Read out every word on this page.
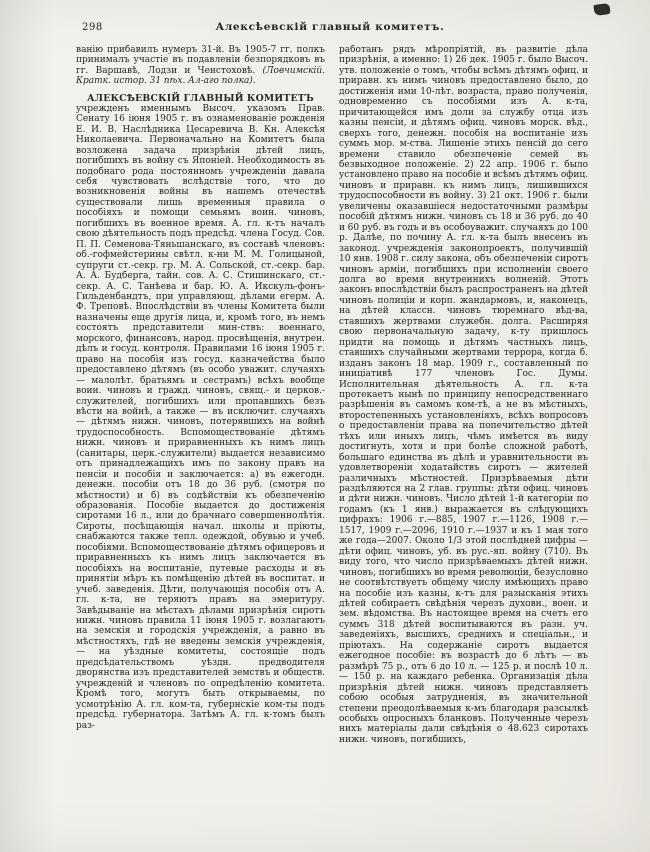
298	Алексѣевскій главный комитетъ.

ванію прибавилъ нумеръ 31-й. Въ 1905-7 гг. полкъ принималъ участіе въ подавленіи безпорядковъ въ гг. Варшавѣ, Лодзи и Ченстоховѣ. (Ловчимскій. Кратк. истор. 31 пѣх. Ал-аго полка).

АЛЕКСѢЕВСКІЙ ГЛАВНЫЙ КОМИТЕТЪ

учрежденъ именнымъ Высоч. указомъ Прав. Сенату 16 іюня 1905 г. въ ознаменованіе рожденія Е. И. В. Наслѣдника Цесаревича В. Кн. Алексѣя Николаевича. Первоначально на Комитетъ была возложена задача призрѣнія дѣтей лицъ, погибшихъ въ войну съ Японіей. Необходимость въ подобнаго рода постоянномъ учрежденіи давала себя чувствовать вслѣдствіе того, что до возникновенія войны въ нашемъ отечествѣ существовали лишь временныя правила о пособіяхъ и помощи семьямъ воин. чиновъ, погибшихъ въ военное время. А. гл. к-тъ началъ свою дѣятельность подъ предсѣд. члена Госуд. Сов. П. П. Семенова-Тяньшанскаго, въ составѣ членовъ: об.-гофмейстерины свѣтл. к-ни М. М. Голицыной, супруги ст.-секр. гр. М. А. Сольской, ст.-секр. бар. А. А. Будберга, тайн. сов. А. С. Стишинскаго, ст.-секр. А. С. Танѣева и бар. Ю. А. Икскуль-фонъ-Гильденбандтъ, при управляющ. дѣлами егерм. А. Ф. Треповѣ. Впослѣдствіи въ члены Комитета были назначены еще другія лица, и, кромѣ того, въ немъ состоятъ представители мин-ствъ: военнаго, морского, финансовъ, народ. просвѣщенія, внутрен. дѣлъ и госуд. контроля. Правилами 16 іюня 1905 г. право на пособія изъ госуд. казначейства было предоставлено дѣтямъ (въ особо уважит. случаяхъ — малолѣт. братьямъ и сестрамъ) всѣхъ вообще воин. чиновъ и гражд. чиновъ, свящ.- и церков.-служителей, погибшихъ или пропавшихъ безъ вѣсти на войнѣ, а также — въ исключит. случаяхъ — дѣтямъ нижн. чиновъ, потерявшихъ на войнѣ трудоспособность. Вспомоществованіе дѣтямъ нижн. чиновъ и приравненныхъ къ нимъ лицъ (санитары, церк.-служители) выдается независимо отъ принадлежащихъ имъ по закону правъ на пенсіи и пособія и заключается: а) въ ежегодн. денежн. пособіи отъ 18 до 36 руб. (смотря по мѣстности) и б) въ содѣйствіи къ обезпеченію образованія. Пособіе выдается до достиженія сиротами 16 л., или до брачнаго совершеннолѣтія. Сироты, посѣщающія начал. школы и пріюты, снабжаются также тепл. одеждой, обувью и учеб. пособіями. Вспомоществованіе дѣтямъ офицеровъ и приравненныхъ къ нимъ лицъ заключается въ пособіяхъ на воспитаніе, путевые расходы и въ принятіи мѣръ къ помѣщенію дѣтей въ воспитат. и учеб. заведенія. Дѣти, получающія пособія отъ А. гл. к-та, не теряютъ правъ на эмеритуру. Завѣдываніе на мѣстахъ дѣлами призрѣнія сиротъ нижн. чиновъ правила 11 іюня 1905 г. возлагаютъ на земскія и городскія учрежденія, а равно въ мѣстностяхъ, гдѣ не введены земскія учрежденія, — на уѣздные комитеты, состоящіе подъ предсѣдательствомъ уѣздн. предводителя дворянства изъ представителей земствъ и обществ. учрежденій и членовъ по опредѣленію комитета. Кромѣ того, могутъ быть открываемы, по усмотрѣнію А. гл. ком-та, губернскіе ком-ты подъ предсѣд. губернатора. Затѣмъ А. гл. к-томъ былъ раз-

работанъ рядъ мѣропріятій, въ развитіе дѣла призрѣнія, а именно: 1) 26 дек. 1905 г. было Высоч. утв. положеніе о томъ, чтобы всѣмъ дѣтямъ офиц. и приравн. къ нимъ чиновъ предоставлено было, до достиженія ими 10-лѣт. возраста, право полученія, одновременно съ пособіями изъ А. к-та, причитающейся имъ доли за службу отца изъ казны пенсіи, и дѣтямъ офиц. чиновъ морск. вѣд., сверхъ того, денежн. пособія на воспитаніе изъ суммъ мор. м-ства. Лишеніе этихъ пенсій до сего времени ставило обезпеченіе семей въ безвыходное положеніе. 2) 22 апр. 1906 г. было установлено право на пособіе и всѣмъ дѣтямъ офиц. чиновъ и приравн. къ нимъ лицъ, лишившихся трудоспособности въ войну. 3) 21 окт. 1906 г. были увеличены оказавшіеся недостаточными размѣры пособій дѣтямъ нижн. чиновъ съ 18 и 36 руб. до 40 и 60 руб. въ годъ и въ особоуважит. случаяхъ до 100 р. Далѣе, по почину А. гл. к-та былъ внесенъ въ законод. учрежденія законопроектъ, получившій 10 янв. 1908 г. силу закона, объ обезпеченіи сиротъ чиновъ арміи, погибшихъ при исполненіи своего долга во время внутреннихъ волненій. Этотъ законъ впослѣдствіи былъ распространенъ на дѣтей чиновъ полиціи и корп. жандармовъ, и, наконецъ, на дѣтей классн. чиновъ тюремнаго вѣд-ва, ставшихъ жертвами служебн. долга. Расширяя свою первоначальную задачу, к-ту пришлось придти на помощь и дѣтямъ частныхъ лицъ, ставшихъ случайными жертвами террора, когда б. изданъ законъ 18 мар. 1909 г., составленный по иниціативѣ 177 членовъ Гос. Думы. Исполнительная дѣятельность А. гл. к-та протекаетъ нынѣ по принципу непосредственнаго разрѣшенія въ самомъ ком-тѣ, а не въ мѣстныхъ, второстепенныхъ установленіяхъ, всѣхъ вопросовъ о предоставленіи права на попечительство дѣтей тѣхъ или иныхъ лицъ, чѣмъ имѣется въ виду достигнуть, хотя и при болѣе сложной работѣ, большаго единства въ дѣлѣ и уравнительности въ удовлетвореніи ходатайствъ сиротъ — жителей различныхъ мѣстностей. Призрѣваемыя дѣти раздѣляются на 2 глав. группы: дѣти офиц. чиновъ и дѣти нижн. чиновъ. Число дѣтей 1-й категоріи по годамъ (къ 1 янв.) выражается въ слѣдующихъ цифрахъ: 1906 г.—885, 1907 г.—1126, 1908 г.—1517, 1909 г.—2096, 1910 г.—1937 и къ 1 мая того же года—2007. Около 1/3 этой послѣдней цифры — дѣти офиц. чиновъ, уб. въ рус.-яп. войну (710). Въ виду того, что число призрѣваемыхъ дѣтей нижн. чиновъ, погибшихъ во время революціи, безусловно не соотвѣтствуетъ общему числу имѣющихъ право на пособіе изъ казны, к-тъ для разысканія этихъ дѣтей собираетъ свѣдѣнія черезъ духовн., воен. и зем. вѣдомства. Въ настоящее время на счетъ его суммъ 318 дѣтей воспитываются въ разн. уч. заведеніяхъ, высшихъ, среднихъ и спеціальн., и пріютахъ. На содержаніе сиротъ выдается ежегодное пособіе: въ возрастѣ до 6 лѣтъ — въ размѣрѣ 75 р., отъ 6 до 10 л. — 125 р. и послѣ 10 л. — 150 р. на каждаго ребенка. Организація дѣла призрѣнія дѣтей нижн. чиновъ представляетъ собою особыя затрудненія, въ значительной степени преодолѣваемыя к-мъ благодаря разсылкѣ особыхъ опросныхъ бланковъ. Полученные черезъ нихъ матеріалы дали свѣдѣнія о 48.623 сиротахъ нижн. чиновъ, погибшихъ,
